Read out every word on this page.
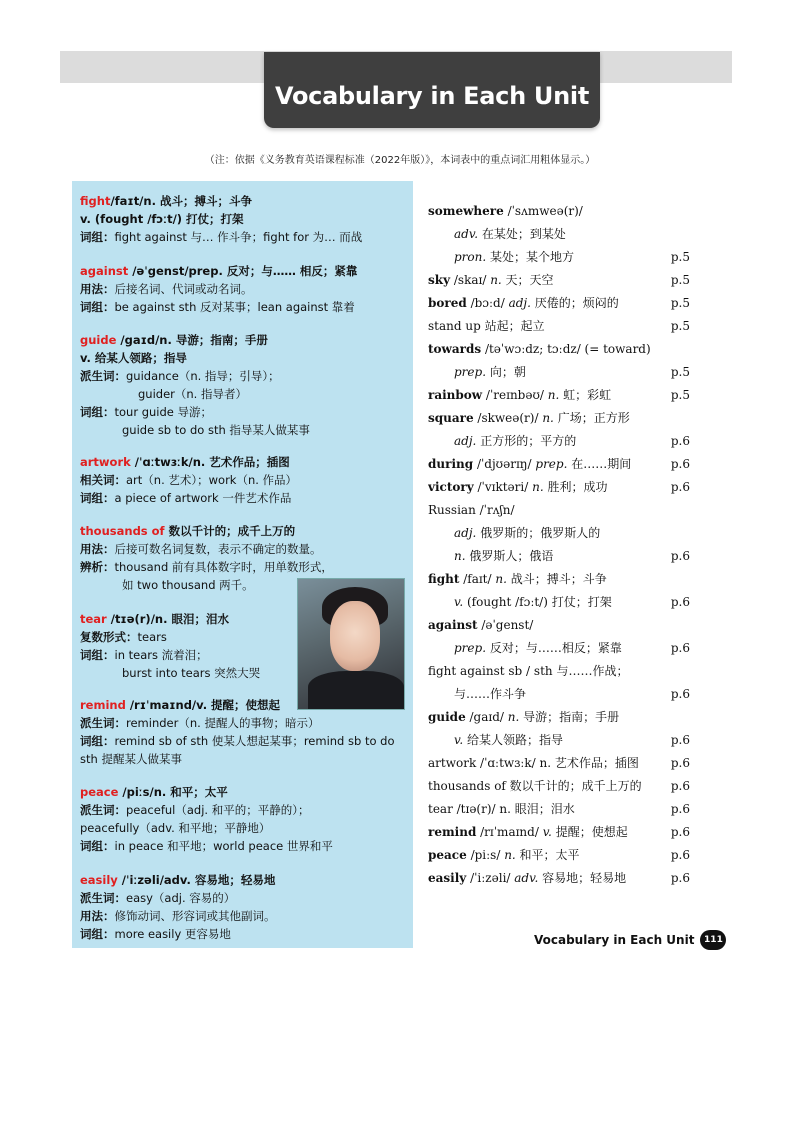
Vocabulary in Each Unit
（注：依据《义务教育英语课程标准（2022年版）》，本词表中的重点词汇用粗体显示。）
fight/faɪt/n. 战斗；搏斗；斗争
v. (fought /fɔːt/) 打仗；打架
词组：fight against 与… 作斗争；fight for 为… 而战
against /əˈgenst/prep. 反对；与…… 相反；紧靠
用法：后接名词、代词或动名词。
词组：be against sth 反对某事；lean against 靠着
guide /gaɪd/n. 导游；指南；手册
v. 给某人领路；指导
派生词：guidance（n. 指导；引导）；
guider（n. 指导者）
词组：tour guide 导游；
guide sb to do sth 指导某人做某事
artwork /ˈɑːtwɜːk/n. 艺术作品；插图
相关词：art（n. 艺术）；work（n. 作品）
词组：a piece of artwork 一件艺术作品
thousands of 数以千计的；成千上万的
用法：后接可数名词复数，表示不确定的数量。
辨析：thousand 前有具体数字时，用单数形式，
如 two thousand 两千。
tear /tɪə(r)/n. 眼泪；泪水
复数形式：tears
词组：in tears 流着泪；
burst into tears 突然大哭
remind /rɪˈmaɪnd/v. 提醒；使想起
派生词：reminder（n. 提醒人的事物；暗示）
词组：remind sb of sth 使某人想起某事；remind sb to do sth 提醒某人做某事
peace /piːs/n. 和平；太平
派生词：peaceful（adj. 和平的；平静的）；
peacefully（adv. 和平地；平静地）
词组：in peace 和平地；world peace 世界和平
easily /ˈiːzəli/adv. 容易地；轻易地
派生词：easy（adj. 容易的）
用法：修饰动词、形容词或其他副词。
词组：more easily 更容易地
somewhere /ˈsʌmweə(r)/
adv. 在某处；到某处
pron. 某处；某个地方	p.5
sky /skaɪ/ n. 天；天空	p.5
bored /bɔːd/ adj. 厌倦的；烦闷的	p.5
stand up 站起；起立	p.5
towards /təˈwɔːdz; tɔːdz/ (= toward)
prep. 向；朝	p.5
rainbow /ˈreɪnbəʊ/ n. 虹；彩虹	p.5
square /skweə(r)/ n. 广场；正方形
adj. 正方形的；平方的	p.6
during /ˈdjʊərɪŋ/ prep. 在……期间	p.6
victory /ˈvɪktəri/ n. 胜利；成功	p.6
Russian /ˈrʌʃn/
adj. 俄罗斯的；俄罗斯人的
n. 俄罗斯人；俄语	p.6
fight /faɪt/ n. 战斗；搏斗；斗争
v. (fought /fɔːt/) 打仗；打架	p.6
against /əˈgenst/
prep. 反对；与……相反；紧靠	p.6
fight against sb / sth 与……作战；
与……作斗争	p.6
guide /gaɪd/ n. 导游；指南；手册
v. 给某人领路；指导	p.6
artwork /ˈɑːtwɜːk/ n. 艺术作品；插图	p.6
thousands of 数以千计的；成千上万的	p.6
tear /tɪə(r)/ n. 眼泪；泪水	p.6
remind /rɪˈmaɪnd/ v. 提醒；使想起	p.6
peace /piːs/ n. 和平；太平	p.6
easily /ˈiːzəli/ adv. 容易地；轻易地	p.6
Vocabulary in Each Unit 111
